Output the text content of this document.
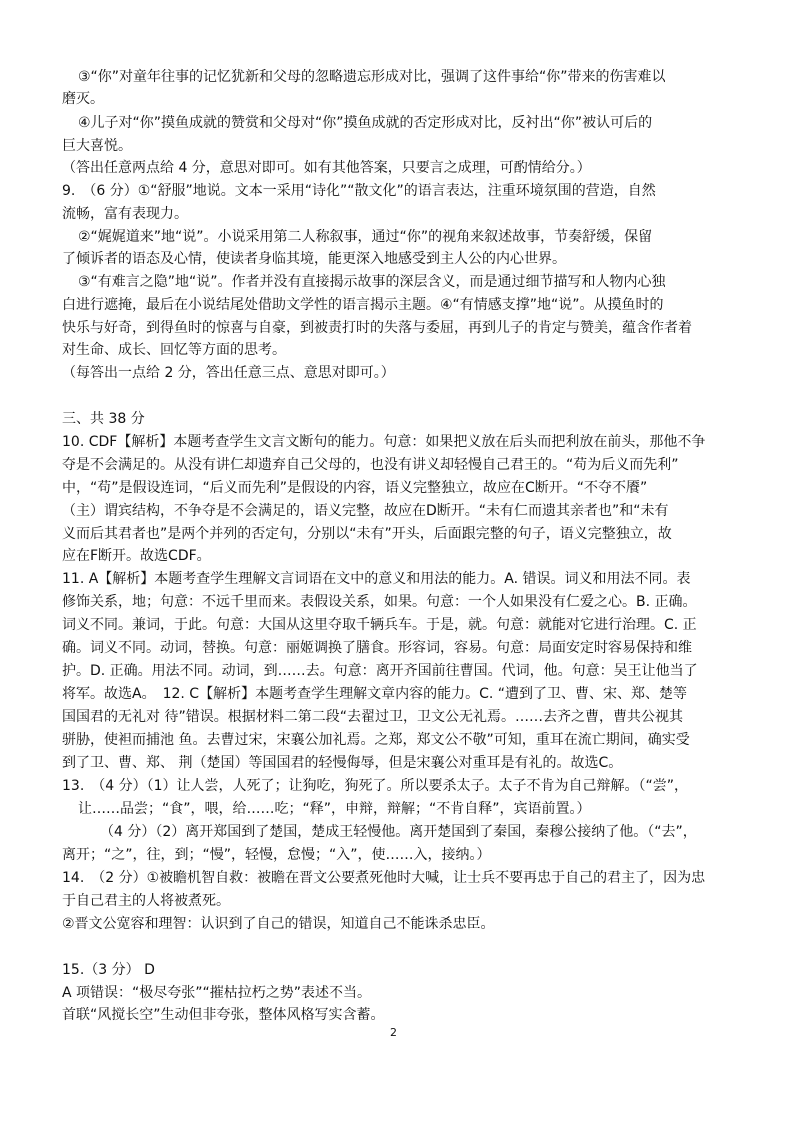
③“你”对童年往事的记忆犹新和父母的忽略遗忘形成对比，强调了这件事给“你”带来的伤害难以
磨灭。
④儿子对“你”摸鱼成就的赞赏和父母对“你”摸鱼成就的否定形成对比，反衬出“你”被认可后的
巨大喜悦。
（答出任意两点给 4 分，意思对即可。如有其他答案，只要言之成理，可酌情给分。）
9.　（6 分）①“舒服”地说。文本一采用“诗化”“散文化”的语言表达，注重环境氛围的营造，自然
流畅，富有表现力。
②“娓娓道来”地“说”。小说采用第二人称叙事，通过“你”的视角来叙述故事，节奏舒缓，保留
了倾诉者的语态及心情，使读者身临其境，能更深入地感受到主人公的内心世界。
③“有难言之隐”地“说”。作者并没有直接揭示故事的深层含义，而是通过细节描写和人物内心独
白进行遮掩，最后在小说结尾处借助文学性的语言揭示主题。④“有情感支撑”地“说”。从摸鱼时的
快乐与好奇，到得鱼时的惊喜与自豪，到被责打时的失落与委屈，再到儿子的肯定与赞美，蕴含作者着
对生命、成长、回忆等方面的思考。
（每答出一点给 2 分，答出任意三点、意思对即可。）
三、共 38 分
10. CDF【解析】本题考查学生文言文断句的能力。句意：如果把义放在后头而把利放在前头，那他不争
夺是不会满足的。从没有讲仁却遗弃自己父母的，也没有讲义却轻慢自己君王的。“苟为后义而先利”
中，“苟”是假设连词，“后义而先利”是假设的内容，语义完整独立，故应在C断开。“不夺不餍”
（主）谓宾结构，不争夺是不会满足的，语义完整，故应在D断开。“未有仁而遗其亲者也”和“未有
义而后其君者也”是两个并列的否定句，分别以“未有”开头，后面跟完整的句子，语义完整独立，故
应在F断开。故选CDF。
11. A【解析】本题考查学生理解文言词语在文中的意义和用法的能力。A. 错误。词义和用法不同。表
修饰关系，地；句意：不远千里而来。表假设关系，如果。句意：一个人如果没有仁爱之心。B. 正确。
词义不同。兼词，于此。句意：大国从这里夺取千辆兵车。于是，就。句意：就能对它进行治理。C. 正
确。词义不同。动词，替换。句意：丽姬调换了膳食。形容词，容易。句意：局面安定时容易保持和维
护。D. 正确。用法不同。动词，到……去。句意：离开齐国前往曹国。代词，他。句意：吴王让他当了
将军。故选A。　12. C【解析】本题考查学生理解文章内容的能力。C. “遭到了卫、曹、宋、郑、楚等
国国君的无礼对 待”错误。根据材料二第二段“去翟过卫，卫文公无礼焉。……去齐之曹，曹共公视其
骈胁，使袒而捕池 鱼。去曹过宋，宋襄公加礼焉。之郑，郑文公不敬”可知，重耳在流亡期间，确实受
到了卫、曹、郑、 荆（楚国）等国国君的轻慢侮辱，但是宋襄公对重耳是有礼的。故选C。
13.　（4 分）（1）让人尝，人死了；让狗吃，狗死了。所以要杀太子。太子不肯为自己辩解。（“尝”，
让……品尝；“食”，喂，给……吃；“释”，申辩，辩解；“不肯自释”，宾语前置。）
（4 分）（2）离开郑国到了楚国，楚成王轻慢他。离开楚国到了秦国，秦穆公接纳了他。（“去”，
离开；“之”，往，到；“慢”，轻慢，怠慢；“入”，使……入，接纳。）
14.　（2 分）①被瞻机智自救：被瞻在晋文公要煮死他时大喊，让士兵不要再忠于自己的君主了，因为忠
于自己君主的人将被煮死。
②晋文公宽容和理智：认识到了自己的错误，知道自己不能诛杀忠臣。
15.（3 分） D
A 项错误：“极尽夸张”“摧枯拉朽之势”表述不当。
首联“风搅长空”生动但非夸张，整体风格写实含蓄。
2
